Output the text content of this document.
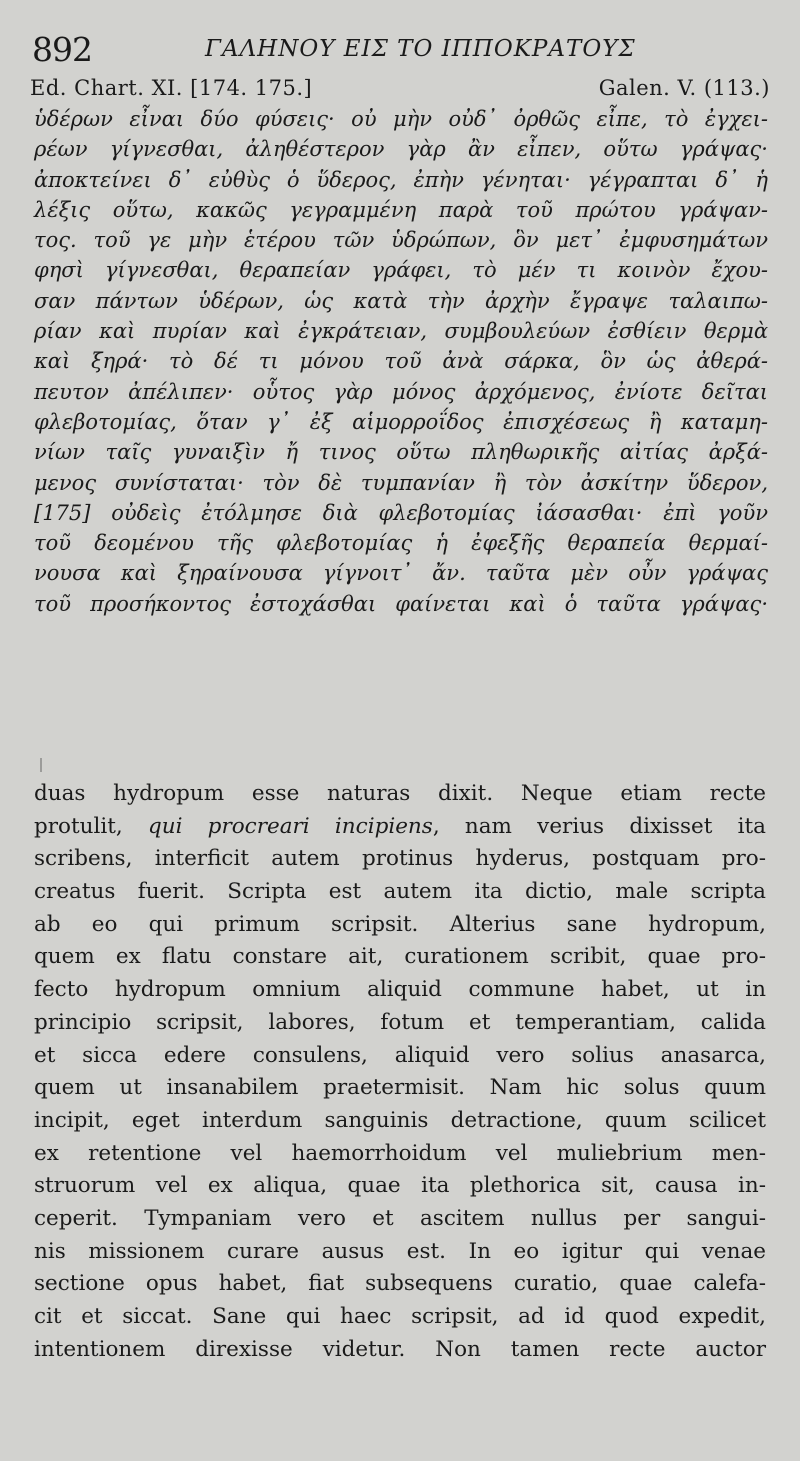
892	ΓΑΛΗΝΟΥ ΕΙΣ ΤΟ ΙΠΠΟΚΡΑΤΟΥΣ
Ed. Chart. XI. [174. 175.]	Galen. V. (113.)
ὑδέρων εἶναι δύο φύσεις· οὐ μὴν οὐδ᾽ ὀρθῶς εἶπε, τὸ ἐγχει-
ρέων γίγνεσθαι, ἀληθέστερον γὰρ ἂν εἶπεν, οὕτω γράψας·
ἀποκτείνει δ᾽ εὐθὺς ὁ ὕδερος, ἐπὴν γένηται· γέγραπται δ᾽ ἡ
λέξις οὕτω, κακῶς γεγραμμένη παρὰ τοῦ πρώτου γράψαν-
τος. τοῦ γε μὴν ἑτέρου τῶν ὑδρώπων, ὃν μετ᾽ ἐμφυσημάτων
φησὶ γίγνεσθαι, θεραπείαν γράφει, τὸ μέν τι κοινὸν ἔχου-
σαν πάντων ὑδέρων, ὡς κατὰ τὴν ἀρχὴν ἔγραψε ταλαιπω-
ρίαν καὶ πυρίαν καὶ ἐγκράτειαν, συμβουλεύων ἐσθίειν θερμὰ
καὶ ξηρά· τὸ δέ τι μόνου τοῦ ἀνὰ σάρκα, ὃν ὡς ἀθερά-
πευτον ἀπέλιπεν· οὗτος γὰρ μόνος ἀρχόμενος, ἐνίοτε δεῖται
φλεβοτομίας, ὅταν γ᾽ ἐξ αἱμορροΐδος ἐπισχέσεως ἢ καταμη-
νίων ταῖς γυναιξὶν ἤ τινος οὕτω πληθωρικῆς αἰτίας ἀρξά-
μενος συνίσταται· τὸν δὲ τυμπανίαν ἢ τὸν ἀσκίτην ὕδερον,
[175] οὐδεὶς ἐτόλμησε διὰ φλεβοτομίας ἰάσασθαι· ἐπὶ γοῦν
τοῦ δεομένου τῆς φλεβοτομίας ἡ ἐφεξῆς θεραπεία θερμαί-
νουσα καὶ ξηραίνουσα γίγνοιτ᾽ ἄν. ταῦτα μὲν οὖν γράψας
τοῦ προσήκοντος ἐστοχάσθαι φαίνεται καὶ ὁ ταῦτα γράψας·
duas hydropum esse naturas dixit. Neque etiam recte
protulit, qui procreari incipiens, nam verius dixisset ita
scribens, interficit autem protinus hyderus, postquam pro-
creatus fuerit. Scripta est autem ita dictio, male scripta
ab eo qui primum scripsit. Alterius sane hydropum,
quem ex flatu constare ait, curationem scribit, quae pro-
fecto hydropum omnium aliquid commune habet, ut in
principio scripsit, labores, fotum et temperantiam, calida
et sicca edere consulens, aliquid vero solius anasarca,
quem ut insanabilem praetermisit. Nam hic solus quum
incipit, eget interdum sanguinis detractione, quum scilicet
ex retentione vel haemorrhoidum vel muliebrium men-
struorum vel ex aliqua, quae ita plethorica sit, causa in-
ceperit. Tympaniam vero et ascitem nullus per sangui-
nis missionem curare ausus est. In eo igitur qui venae
sectione opus habet, fiat subsequens curatio, quae calefa-
cit et siccat. Sane qui haec scripsit, ad id quod expedit,
intentionem direxisse videtur. Non tamen recte auctor
